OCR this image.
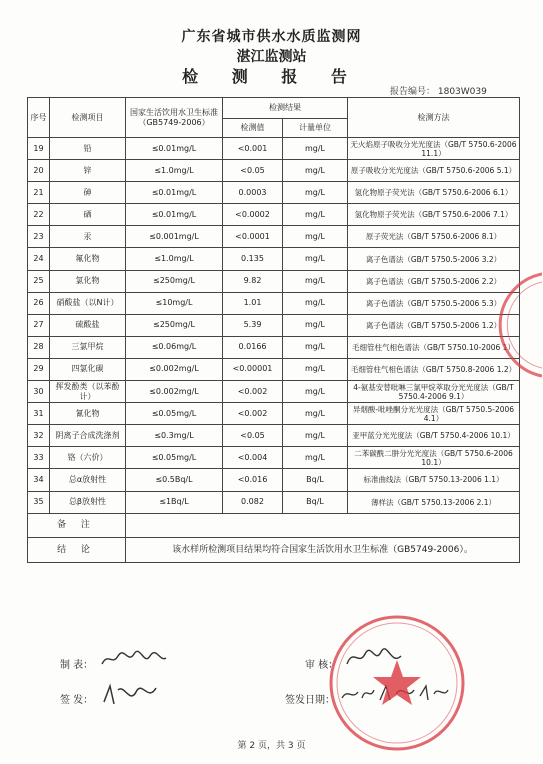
广东省城市供水水质监测网
湛江监测站
检 测 报 告
报告编号： 1803W039
序号	检测项目	国家生活饮用水卫生标准（GB5749-2006）	检测结果		检测方法
			检测值	计量单位	
19	铅	≤0.01mg/L	<0.001	mg/L	无火焰原子吸收分光光度法（GB/T 5750.6-2006 11.1）
20	锌	≤1.0mg/L	<0.05	mg/L	原子吸收分光光度法（GB/T 5750.6-2006 5.1）
21	砷	≤0.01mg/L	0.0003	mg/L	氢化物原子荧光法（GB/T 5750.6-2006 6.1）
22	硒	≤0.01mg/L	<0.0002	mg/L	氢化物原子荧光法（GB/T 5750.6-2006 7.1）
23	汞	≤0.001mg/L	<0.0001	mg/L	原子荧光法（GB/T 5750.6-2006 8.1）
24	氟化物	≤1.0mg/L	0.135	mg/L	离子色谱法（GB/T 5750.5-2006 3.2）
25	氯化物	≤250mg/L	9.82	mg/L	离子色谱法（GB/T 5750.5-2006 2.2）
26	硝酸盐（以N计）	≤10mg/L	1.01	mg/L	离子色谱法（GB/T 5750.5-2006 5.3）
27	硫酸盐	≤250mg/L	5.39	mg/L	离子色谱法（GB/T 5750.5-2006 1.2）
28	三氯甲烷	≤0.06mg/L	0.0166	mg/L	毛细管柱气相色谱法（GB/T 5750.10-2006 1）
29	四氯化碳	≤0.002mg/L	<0.00001	mg/L	毛细管柱气相色谱法（GB/T 5750.8-2006 1.2）
30	挥发酚类（以苯酚计）	≤0.002mg/L	<0.002	mg/L	4-氨基安替吡啉三氯甲烷萃取分光光度法（GB/T 5750.4-2006 9.1）
31	氰化物	≤0.05mg/L	<0.002	mg/L	异烟酸-吡唑酮分光光度法（GB/T 5750.5-2006 4.1）
32	阴离子合成洗涤剂	≤0.3mg/L	<0.05	mg/L	亚甲蓝分光光度法（GB/T 5750.4-2006 10.1）
33	铬（六价）	≤0.05mg/L	<0.004	mg/L	二苯碳酰二肼分光光度法（GB/T 5750.6-2006 10.1）
34	总α放射性	≤0.5Bq/L	<0.016	Bq/L	标准曲线法（GB/T 5750.13-2006 1.1）
35	总β放射性	≤1Bq/L	0.082	Bq/L	薄样法（GB/T 5750.13-2006 2.1）
备 注					
结 论		该水样所检测项目结果均符合国家生活饮用水卫生标准（GB5749-2006）。			
制 表：	审 核：
签 发：	签发日期：
第 2 页，共 3 页
